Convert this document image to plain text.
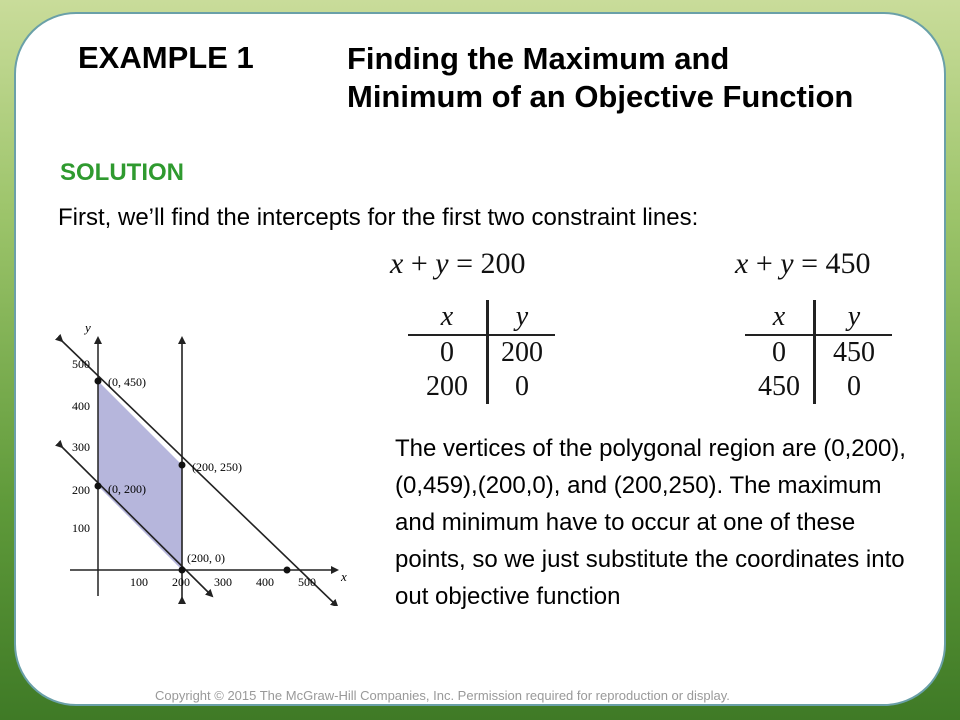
EXAMPLE 1	Finding the Maximum and Minimum of an Objective Function
SOLUTION
First, we’ll find the intercepts for the first two constraint lines:
x + y = 200	x + y = 450
x	y
0	200
200	0
x	y
0	450
450	0
x
y
100 200 300 400 500
100
200
300
400
500
(0, 450)
(0, 200)
(200, 250)
(200, 0)
The vertices of the polygonal region are (0,200), (0,459),(200,0), and (200,250). The maximum and minimum have to occur at one of these points, so we just substitute the coordinates into out objective function
Copyright © 2015 The McGraw-Hill Companies, Inc. Permission required for reproduction or display.
